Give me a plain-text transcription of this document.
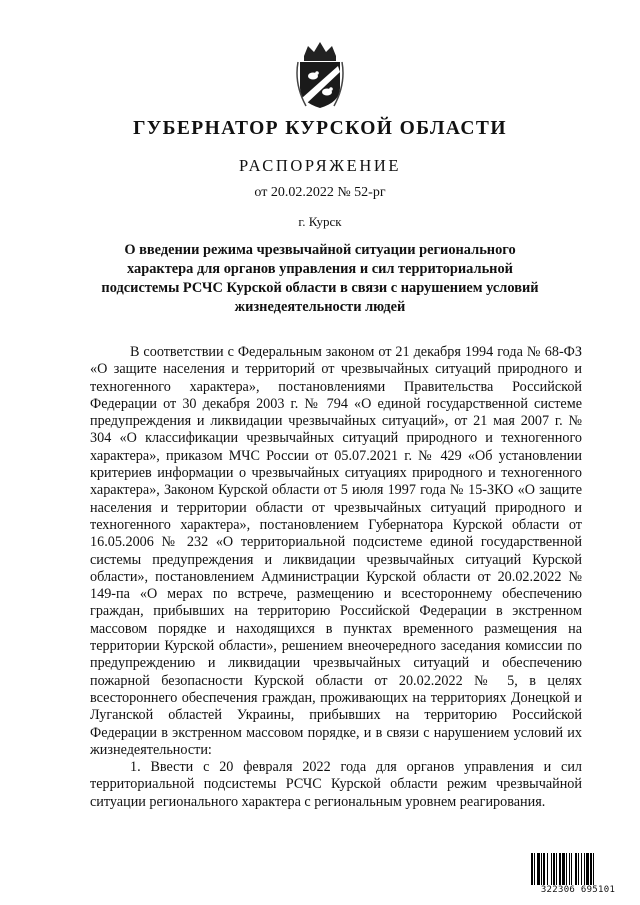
ГУБЕРНАТОР КУРСКОЙ ОБЛАСТИ
РАСПОРЯЖЕНИЕ
от 20.02.2022 № 52-рг
г. Курск
О введении режима чрезвычайной ситуации регионального характера для органов управления и сил территориальной подсистемы РСЧС Курской области в связи с нарушением условий жизнедеятельности людей

В соответствии с Федеральным законом от 21 декабря 1994 года № 68-ФЗ «О защите населения и территорий от чрезвычайных ситуаций природного и техногенного характера», постановлениями Правительства Российской Федерации от 30 декабря 2003 г. № 794 «О единой государственной системе предупреждения и ликвидации чрезвычайных ситуаций», от 21 мая 2007 г. № 304 «О классификации чрезвычайных ситуаций природного и техногенного характера», приказом МЧС России от 05.07.2021 г. № 429 «Об установлении критериев информации о чрезвычайных ситуациях природного и техногенного характера», Законом Курской области от 5 июля 1997 года № 15-ЗКО «О защите населения и территории области от чрезвычайных ситуаций природного и техногенного характера», постановлением Губернатора Курской области от 16.05.2006 № 232 «О территориальной подсистеме единой государственной системы предупреждения и ликвидации чрезвычайных ситуаций Курской области», постановлением Администрации Курской области от 20.02.2022 № 149-па «О мерах по встрече, размещению и всестороннему обеспечению граждан, прибывших на территорию Российской Федерации в экстренном массовом порядке и находящихся в пунктах временного размещения на территории Курской области», решением внеочередного заседания комиссии по предупреждению и ликвидации чрезвычайных ситуаций и обеспечению пожарной безопасности Курской области от 20.02.2022 № 5, в целях всестороннего обеспечения граждан, проживающих на территориях Донецкой и Луганской областей Украины, прибывших на территорию Российской Федерации в экстренном массовом порядке, и в связи с нарушением условий их жизнедеятельности:

1. Ввести с 20 февраля 2022 года для органов управления и сил территориальной подсистемы РСЧС Курской области режим чрезвычайной ситуации регионального характера с региональным уровнем реагирования.

322306 695101
